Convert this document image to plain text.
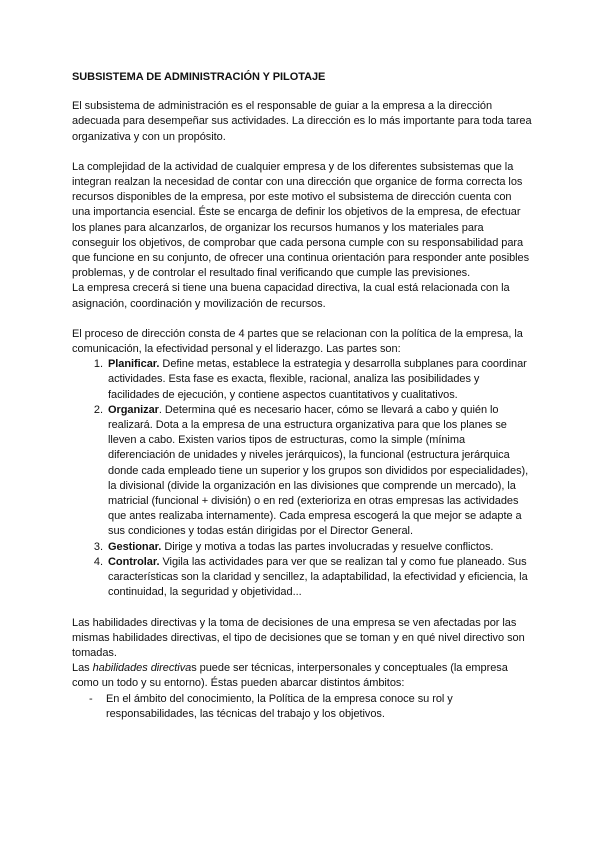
SUBSISTEMA DE ADMINISTRACIÓN Y PILOTAJE

El subsistema de administración es el responsable de guiar a la empresa a la dirección adecuada para desempeñar sus actividades. La dirección es lo más importante para toda tarea organizativa y con un propósito.

La complejidad de la actividad de cualquier empresa y de los diferentes subsistemas que la integran realzan la necesidad de contar con una dirección que organice de forma correcta los recursos disponibles de la empresa, por este motivo el subsistema de dirección cuenta con una importancia esencial. Éste se encarga de definir los objetivos de la empresa, de efectuar los planes para alcanzarlos, de organizar los recursos humanos y los materiales para conseguir los objetivos, de comprobar que cada persona cumple con su responsabilidad para que funcione en su conjunto, de ofrecer una continua orientación para responder ante posibles problemas, y de controlar el resultado final verificando que cumple las previsiones.

La empresa crecerá si tiene una buena capacidad directiva, la cual está relacionada con la asignación, coordinación y movilización de recursos.

El proceso de dirección consta de 4 partes que se relacionan con la política de la empresa, la comunicación, la efectividad personal y el liderazgo. Las partes son:

1. Planificar. Define metas, establece la estrategia y desarrolla subplanes para coordinar actividades. Esta fase es exacta, flexible, racional, analiza las posibilidades y facilidades de ejecución, y contiene aspectos cuantitativos y cualitativos.
2. Organizar. Determina qué es necesario hacer, cómo se llevará a cabo y quién lo realizará. Dota a la empresa de una estructura organizativa para que los planes se lleven a cabo. Existen varios tipos de estructuras, como la simple (mínima diferenciación de unidades y niveles jerárquicos), la funcional (estructura jerárquica donde cada empleado tiene un superior y los grupos son divididos por especialidades), la divisional (divide la organización en las divisiones que comprende un mercado), la matricial (funcional + división) o en red (exterioriza en otras empresas las actividades que antes realizaba internamente). Cada empresa escogerá la que mejor se adapte a sus condiciones y todas están dirigidas por el Director General.
3. Gestionar. Dirige y motiva a todas las partes involucradas y resuelve conflictos.
4. Controlar. Vigila las actividades para ver que se realizan tal y como fue planeado. Sus características son la claridad y sencillez, la adaptabilidad, la efectividad y eficiencia, la continuidad, la seguridad y objetividad...

Las habilidades directivas y la toma de decisiones de una empresa se ven afectadas por las mismas habilidades directivas, el tipo de decisiones que se toman y en qué nivel directivo son tomadas.

Las habilidades directivas puede ser técnicas, interpersonales y conceptuales (la empresa como un todo y su entorno). Éstas pueden abarcar distintos ámbitos:

- En el ámbito del conocimiento, la Política de la empresa conoce su rol y responsabilidades, las técnicas del trabajo y los objetivos.
